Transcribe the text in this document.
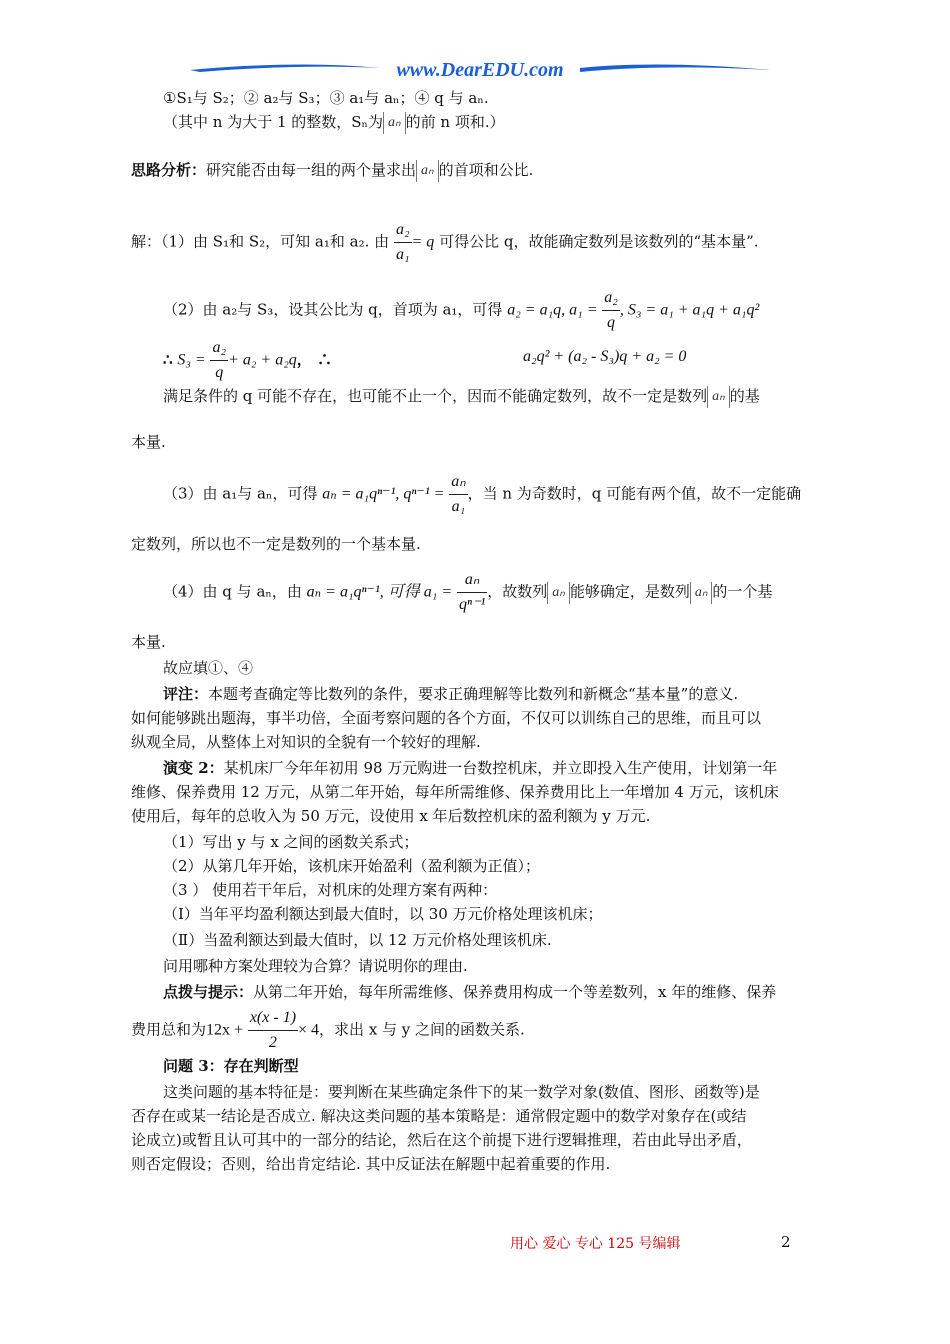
www.DearEDU.com
①S₁与 S₂；② a₂与 S₃；③ a₁与 aₙ；④ q 与 aₙ.
（其中 n 为大于 1 的整数，Sₙ为 aₙ 的前 n 项和.）
思路分析：研究能否由每一组的两个量求出 aₙ 的首项和公比.
解：（1）由 S₁和 S₂，可知 a₁和 a₂. 由 $\frac{\text{a₂}}{\text{a₁}} = q$ 可得公比 q，故能确定数列是该数列的“基本量”.
（2）由 a₂与 S₃，设其公比为 q，首项为 a₁，可得 a₂ = a₁q, $a_1 = \frac{\text{a₂}}{q}$ , S₃ = a₁ + a₁q + a₁q²
∴ $S_3 = \frac{\text{a₂}}{q} + a_2 + a_2q$， ∴	a₂q² + (a₂ - S₃)q + a₂ = 0
满足条件的 q 可能不存在，也可能不止一个，因而不能确定数列，故不一定是数列 aₙ 的基
本量.
（3）由 a₁与 aₙ，可得 aₙ = a₁qⁿ⁻¹, $q^{n-1} = \frac{\text{aₙ}}{\text{a₁}}$ ，当 n 为奇数时，q 可能有两个值，故不一定能确
定数列，所以也不一定是数列的一个基本量.
（4）由 q 与 aₙ，由 aₙ = a₁qⁿ⁻¹, 可得 $a_1 = \frac{\text{aₙ}}{\text{qⁿ⁻¹}}$ ，故数列 aₙ 能够确定，是数列 aₙ 的一个基
本量.
故应填①、④
评注：本题考查确定等比数列的条件，要求正确理解等比数列和新概念“基本量”的意义.
如何能够跳出题海，事半功倍，全面考察问题的各个方面，不仅可以训练自己的思维，而且可以
纵观全局，从整体上对知识的全貌有一个较好的理解.
演变 2：某机床厂今年年初用 98 万元购进一台数控机床，并立即投入生产使用，计划第一年
维修、保养费用 12 万元，从第二年开始，每年所需维修、保养费用比上一年增加 4 万元，该机床
使用后，每年的总收入为 50 万元，设使用 x 年后数控机床的盈利额为 y 万元.
（1）写出 y 与 x 之间的函数关系式；
（2）从第几年开始，该机床开始盈利（盈利额为正值）；
（3 ） 使用若干年后，对机床的处理方案有两种：
（Ⅰ）当年平均盈利额达到最大值时，以 30 万元价格处理该机床；
（Ⅱ）当盈利额达到最大值时，以 12 万元价格处理该机床.
问用哪种方案处理较为合算？请说明你的理由.
点拨与提示：从第二年开始，每年所需维修、保养费用构成一个等差数列，x 年的维修、保养
费用总和为$12x + \frac{x(x - 1)}{2} \times 4$，求出 x 与 y 之间的函数关系.
问题 3：存在判断型
这类问题的基本特征是：要判断在某些确定条件下的某一数学对象(数值、图形、函数等)是
否存在或某一结论是否成立. 解决这类问题的基本策略是：通常假定题中的数学对象存在(或结
论成立)或暂且认可其中的一部分的结论，然后在这个前提下进行逻辑推理，若由此导出矛盾，
则否定假设；否则，给出肯定结论. 其中反证法在解题中起着重要的作用.
用心 爱心 专心 125 号编辑	2
